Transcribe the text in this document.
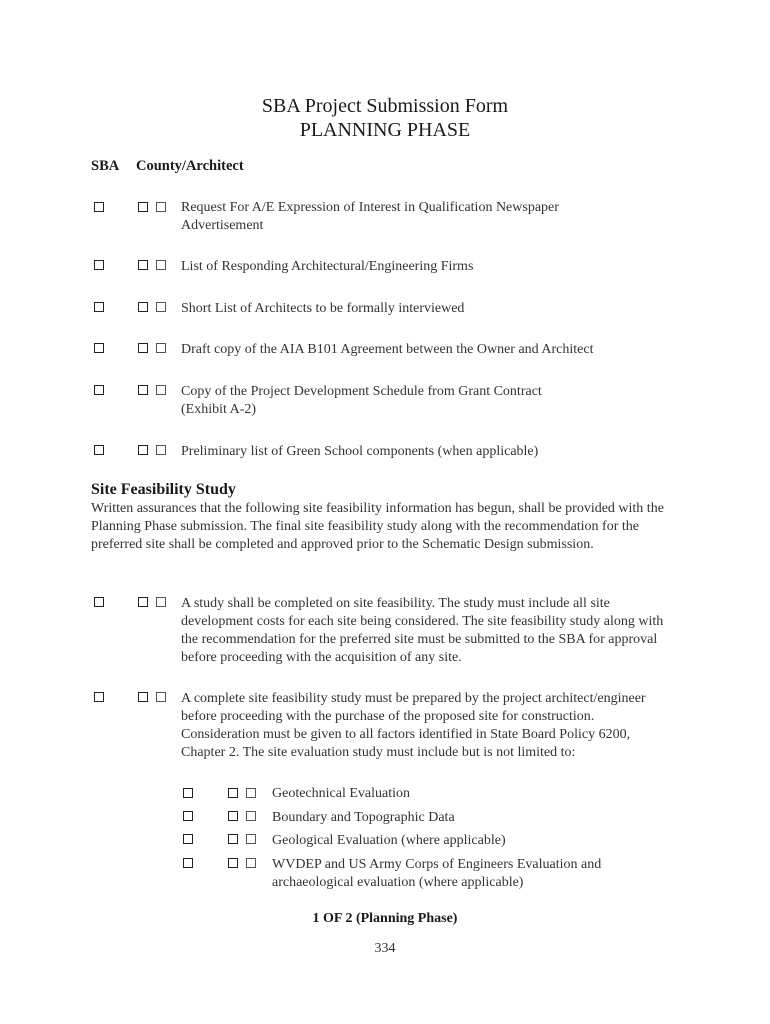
SBA Project Submission Form
PLANNING PHASE
SBA County/Architect
Request For A/E Expression of Interest in Qualification Newspaper Advertisement
List of Responding Architectural/Engineering Firms
Short List of Architects to be formally interviewed
Draft copy of the AIA B101 Agreement between the Owner and Architect
Copy of the Project Development Schedule from Grant Contract (Exhibit A-2)
Preliminary list of Green School components (when applicable)
Site Feasibility Study
Written assurances that the following site feasibility information has begun, shall be provided with the Planning Phase submission. The final site feasibility study along with the recommendation for the preferred site shall be completed and approved prior to the Schematic Design submission.
A study shall be completed on site feasibility. The study must include all site development costs for each site being considered. The site feasibility study along with the recommendation for the preferred site must be submitted to the SBA for approval before proceeding with the acquisition of any site.
A complete site feasibility study must be prepared by the project architect/engineer before proceeding with the purchase of the proposed site for construction. Consideration must be given to all factors identified in State Board Policy 6200, Chapter 2. The site evaluation study must include but is not limited to:
Geotechnical Evaluation
Boundary and Topographic Data
Geological Evaluation (where applicable)
WVDEP and US Army Corps of Engineers Evaluation and archaeological evaluation (where applicable)
1 OF 2 (Planning Phase)
334
